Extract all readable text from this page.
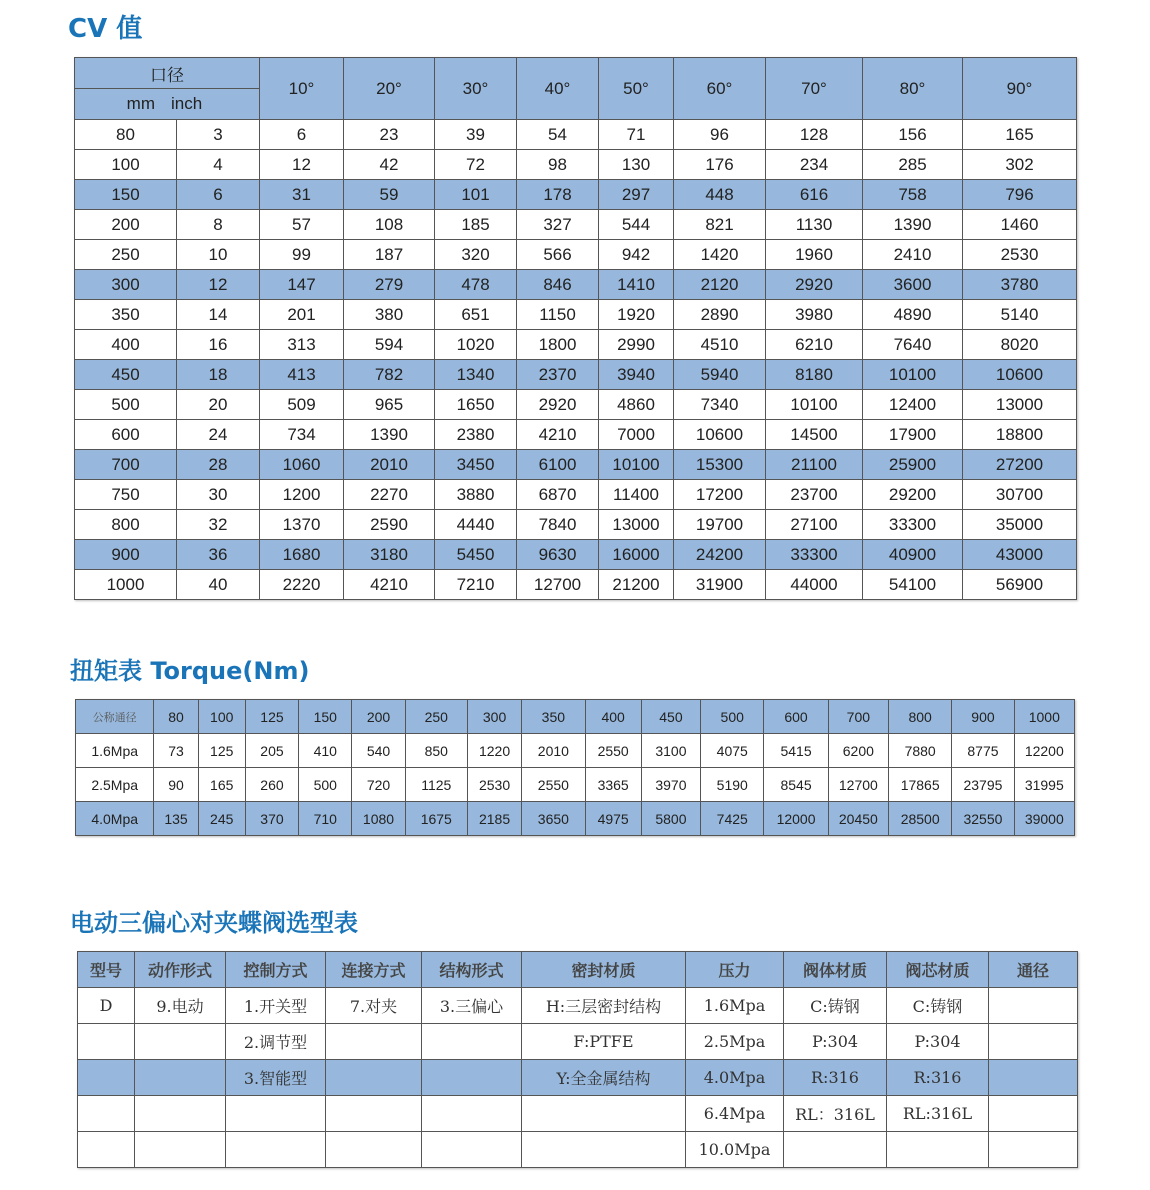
CV 值
口径		10°	20°	30°	40°	50°	60°	70°	80°	90°
mm inch										
80	3	6	23	39	54	71	96	128	156	165
100	4	12	42	72	98	130	176	234	285	302
150	6	31	59	101	178	297	448	616	758	796
200	8	57	108	185	327	544	821	1130	1390	1460
250	10	99	187	320	566	942	1420	1960	2410	2530
300	12	147	279	478	846	1410	2120	2920	3600	3780
350	14	201	380	651	1150	1920	2890	3980	4890	5140
400	16	313	594	1020	1800	2990	4510	6210	7640	8020
450	18	413	782	1340	2370	3940	5940	8180	10100	10600
500	20	509	965	1650	2920	4860	7340	10100	12400	13000
600	24	734	1390	2380	4210	7000	10600	14500	17900	18800
700	28	1060	2010	3450	6100	10100	15300	21100	25900	27200
750	30	1200	2270	3880	6870	11400	17200	23700	29200	30700
800	32	1370	2590	4440	7840	13000	19700	27100	33300	35000
900	36	1680	3180	5450	9630	16000	24200	33300	40900	43000
1000	40	2220	4210	7210	12700	21200	31900	44000	54100	56900
扭矩表 Torque(Nm)
公称通径	80	100	125	150	200	250	300	350	400	450	500	600	700	800	900	1000
1.6Mpa	73	125	205	410	540	850	1220	2010	2550	3100	4075	5415	6200	7880	8775	12200
2.5Mpa	90	165	260	500	720	1125	2530	2550	3365	3970	5190	8545	12700	17865	23795	31995
4.0Mpa	135	245	370	710	1080	1675	2185	3650	4975	5800	7425	12000	20450	28500	32550	39000
电动三偏心对夹蝶阀选型表
型号	动作形式	控制方式	连接方式	结构形式	密封材质	压力	阀体材质	阀芯材质	通径
D	9.电动	1.开关型	7.对夹	3.三偏心	H:三层密封结构	1.6Mpa	C:铸钢	C:铸钢	
		2.调节型			F:PTFE	2.5Mpa	P:304	P:304	
		3.智能型			Y:全金属结构	4.0Mpa	R:316	R:316	
						6.4Mpa	RL：316L	RL:316L	
						10.0Mpa			
